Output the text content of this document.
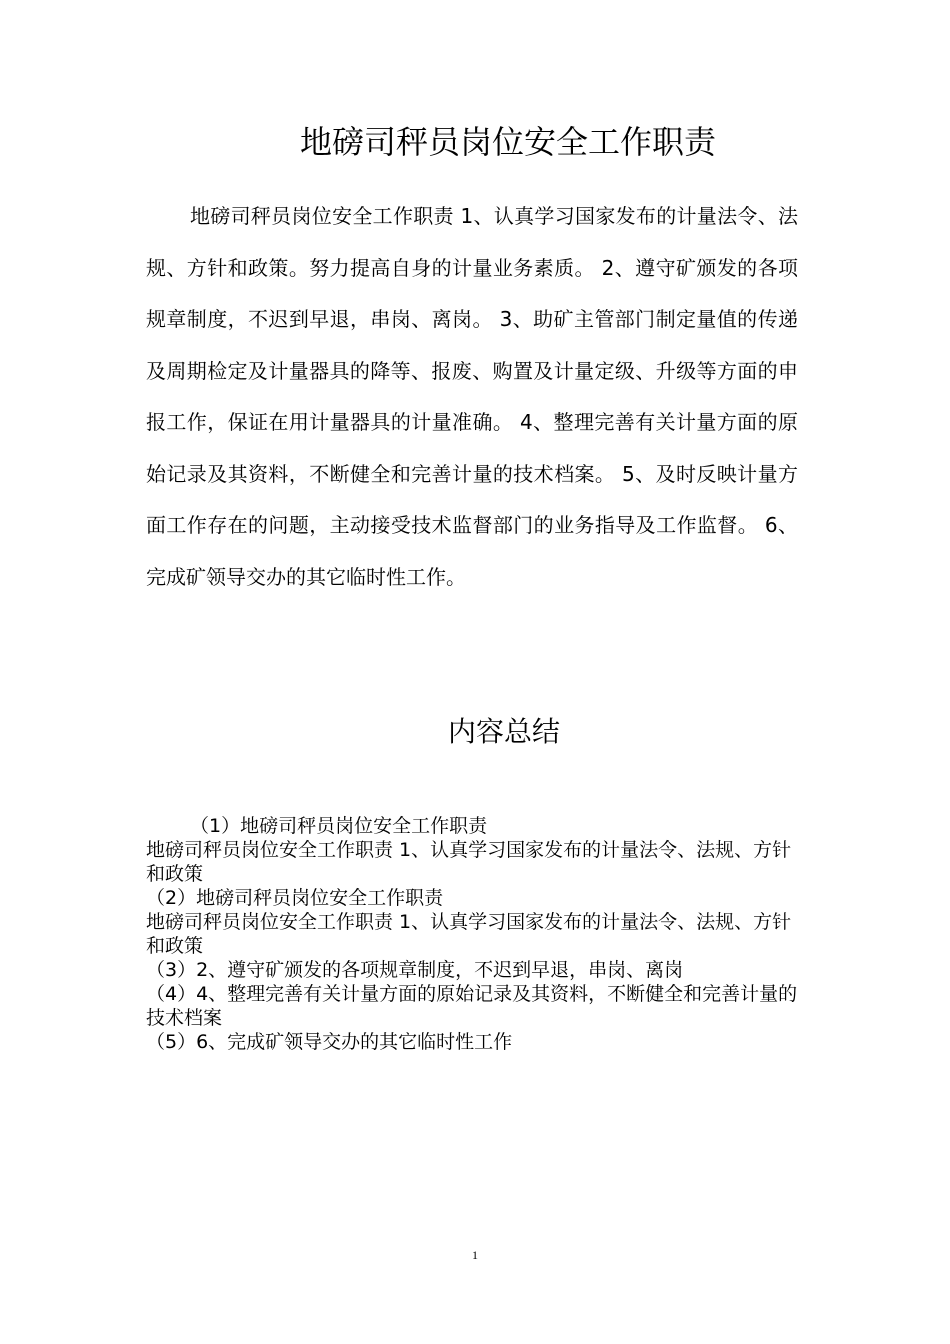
地磅司秤员岗位安全工作职责

地磅司秤员岗位安全工作职责 1、认真学习国家发布的计量法令、法规、方针和政策。努力提高自身的计量业务素质。 2、遵守矿颁发的各项规章制度，不迟到早退，串岗、离岗。 3、助矿主管部门制定量值的传递及周期检定及计量器具的降等、报废、购置及计量定级、升级等方面的申报工作，保证在用计量器具的计量准确。 4、整理完善有关计量方面的原始记录及其资料，不断健全和完善计量的技术档案。 5、及时反映计量方面工作存在的问题，主动接受技术监督部门的业务指导及工作监督。 6、完成矿领导交办的其它临时性工作。

内容总结
（1）地磅司秤员岗位安全工作职责
地磅司秤员岗位安全工作职责 1、认真学习国家发布的计量法令、法规、方针和政策
（2）地磅司秤员岗位安全工作职责
地磅司秤员岗位安全工作职责 1、认真学习国家发布的计量法令、法规、方针和政策
（3）2、遵守矿颁发的各项规章制度，不迟到早退，串岗、离岗
（4）4、整理完善有关计量方面的原始记录及其资料，不断健全和完善计量的技术档案
（5）6、完成矿领导交办的其它临时性工作
1
